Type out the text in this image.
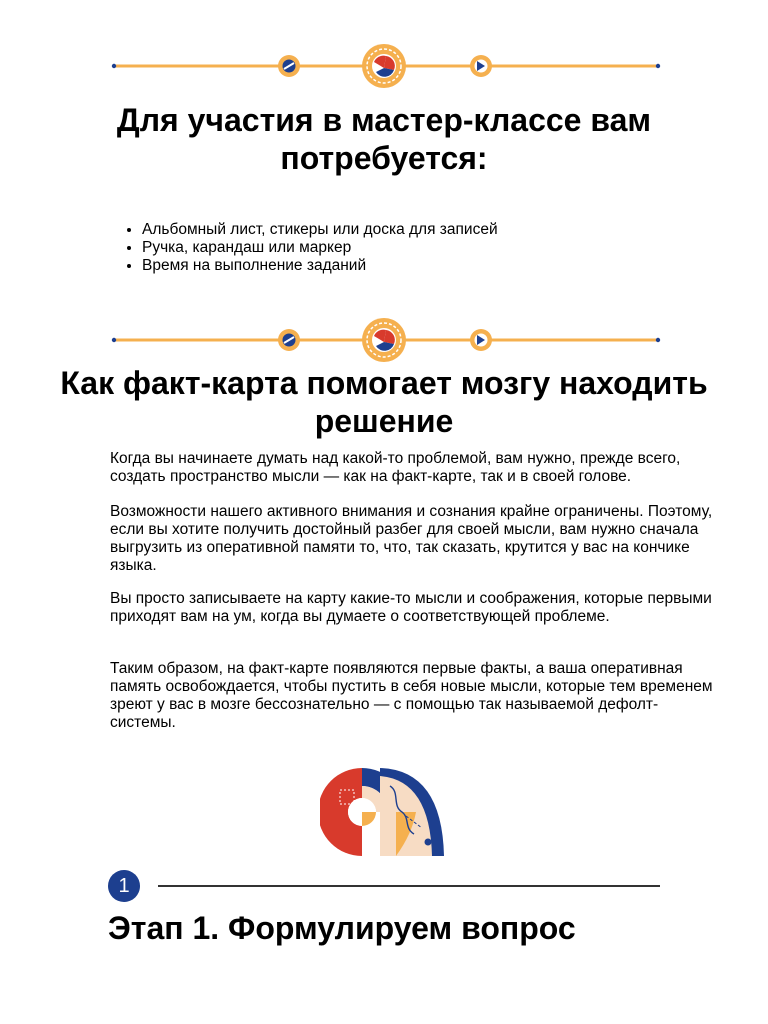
Для участия в мастер-классе вам потребуется:
• Альбомный лист, стикеры или доска для записей
• Ручка, карандаш или маркер
• Время на выполнение заданий
Как факт-карта помогает мозгу находить решение

Когда вы начинаете думать над какой-то проблемой, вам нужно, прежде всего, создать пространство мысли — как на факт-карте, так и в своей голове.

Возможности нашего активного внимания и сознания крайне ограничены. Поэтому, если вы хотите получить достойный разбег для своей мысли, вам нужно сначала выгрузить из оперативной памяти то, что, так сказать, крутится у вас на кончике языка.

Вы просто записываете на карту какие-то мысли и соображения, которые первыми приходят вам на ум, когда вы думаете о соответствующей проблеме.

Таким образом, на факт-карте появляются первые факты, а ваша оперативная память освобождается, чтобы пустить в себя новые мысли, которые тем временем зреют у вас в мозге бессознательно — с помощью так называемой дефолт-системы.

1
Этап 1. Формулируем вопрос
